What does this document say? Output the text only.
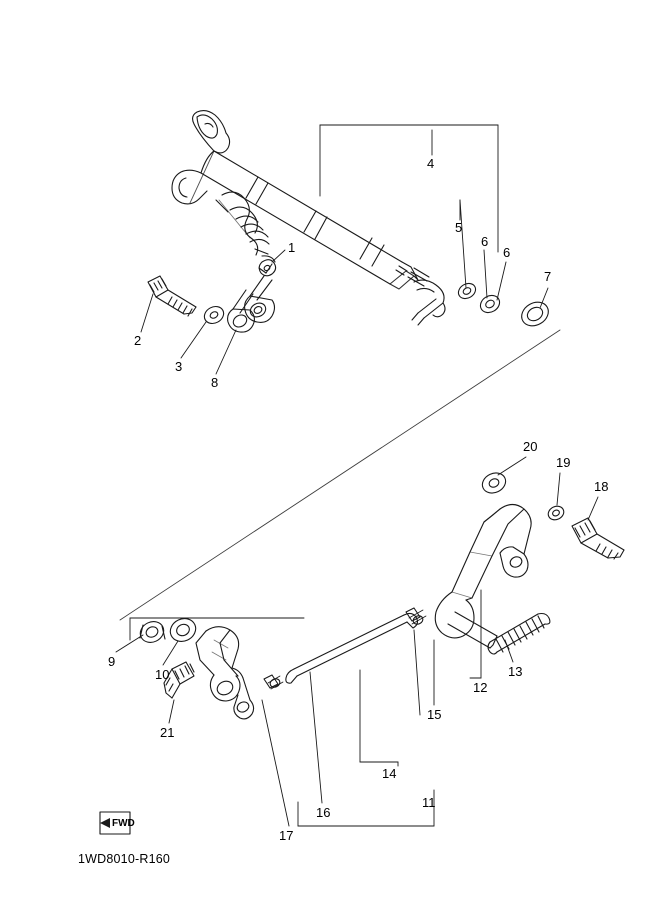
1
2
3
4
5
6
6
7
8
9
10
11
12
13
14
15
16
17
18
19
20
21
FWD
1WD8010-R160
